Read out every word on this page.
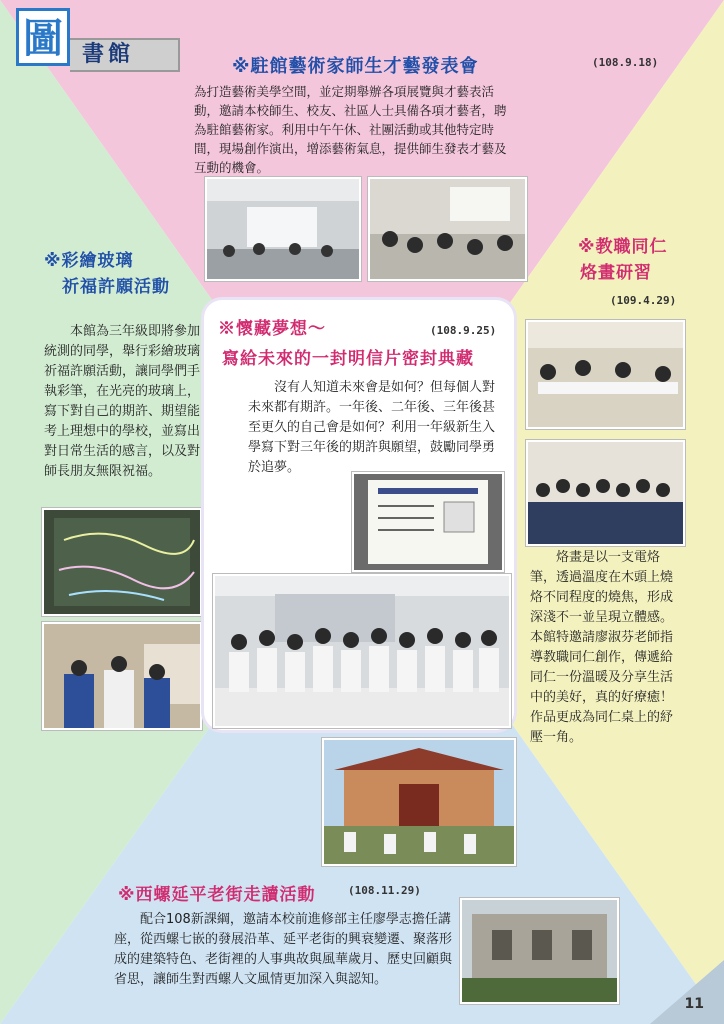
圖 書館	※駐館藝術家師生才藝發表會	(108.9.18)

為打造藝術美學空間，並定期舉辦各項展覽與才藝表活動，邀請本校師生、校友、社區人士具備各項才藝者，聘為駐館藝術家。利用中午午休、社團活動或其他特定時間，現場創作演出，增添藝術氣息，提供師生發表才藝及互動的機會。

※彩繪玻璃
祈福許願活動

本館為三年級即將參加統測的同學，舉行彩繪玻璃祈福許願活動，讓同學們手執彩筆，在光亮的玻璃上，寫下對自己的期許、期望能考上理想中的學校，並寫出對日常生活的感言，以及對師長朋友無限祝福。

※教職同仁
烙畫研習
(109.4.29)

烙畫是以一支電烙筆，透過溫度在木頭上燒烙不同程度的燒焦，形成深淺不一並呈現立體感。本館特邀請廖淑芬老師指導教職同仁創作，傳遞給同仁一份溫暖及分享生活中的美好，真的好療癒！作品更成為同仁桌上的紓壓一角。

※懷藏夢想～	(108.9.25)
寫給未來的一封明信片密封典藏

沒有人知道未來會是如何？但每個人對未來都有期許。一年後、二年後、三年後甚至更久的自己會是如何？利用一年級新生入學寫下對三年後的期許與願望，鼓勵同學勇於追夢。

※西螺延平老街走讀活動	(108.11.29)

配合108新課綱，邀請本校前進修部主任廖學志擔任講座，從西螺七嵌的發展沿革、延平老街的興衰變遷、聚落形成的建築特色、老街裡的人事典故與風華歲月、歷史回顧與省思，讓師生對西螺人文風情更加深入與認知。

11
